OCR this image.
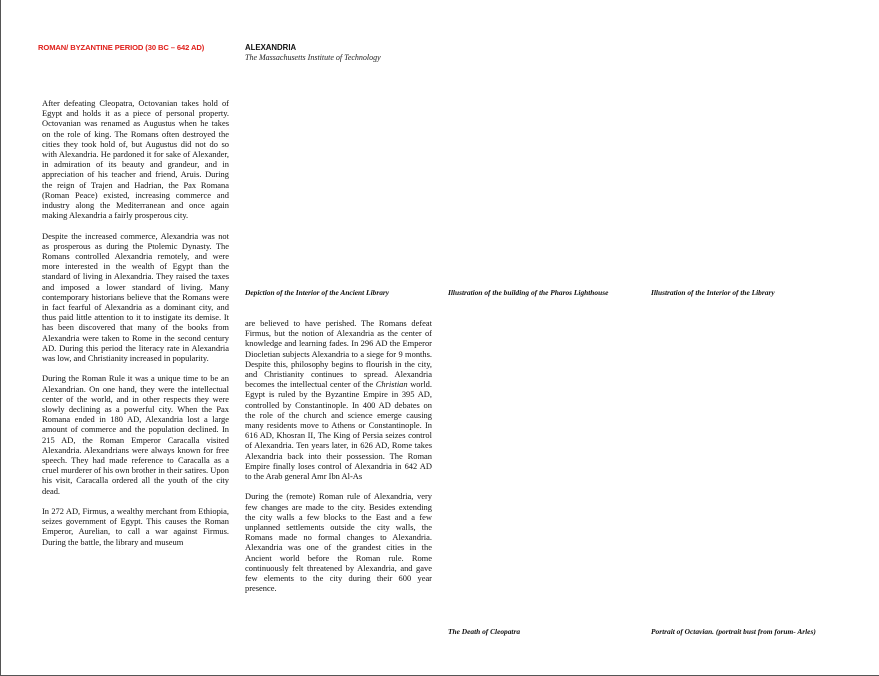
ROMAN/ BYZANTINE PERIOD (30 BC – 642 AD)	ALEXANDRIA
The Massachusetts Institute of Technology

After defeating Cleopatra, Octovanian takes hold of Egypt and holds it as a piece of personal property. Octovanian was renamed as Augustus when he takes on the role of king. The Romans often destroyed the cities they took hold of, but Augustus did not do so with Alexandria. He pardoned it for sake of Alexander, in admiration of its beauty and grandeur, and in appreciation of his teacher and friend, Aruis. During the reign of Trajen and Hadrian, the Pax Romana (Roman Peace) existed, increasing commerce and industry along the Mediterranean and once again making Alexandria a fairly prosperous city.

Despite the increased commerce, Alexandria was not as prosperous as during the Ptolemic Dynasty. The Romans controlled Alexandria remotely, and were more interested in the wealth of Egypt than the standard of living in Alexandria. They raised the taxes and imposed a lower standard of living. Many contemporary historians believe that the Romans were in fact fearful of Alexandria as a dominant city, and thus paid little attention to it to instigate its demise. It has been discovered that many of the books from Alexandria were taken to Rome in the second century AD. During this period the literacy rate in Alexandria was low, and Christianity increased in popularity.

During the Roman Rule it was a unique time to be an Alexandrian. On one hand, they were the intellectual center of the world, and in other respects they were slowly declining as a powerful city. When the Pax Romana ended in 180 AD, Alexandria lost a large amount of commerce and the population declined. In 215 AD, the Roman Emperor Caracalla visited Alexandria. Alexandrians were always known for free speech. They had made reference to Caracalla as a cruel murderer of his own brother in their satires. Upon his visit, Caracalla ordered all the youth of the city dead.

In 272 AD, Firmus, a wealthy merchant from Ethiopia, seizes government of Egypt. This causes the Roman Emperor, Aurelian, to call a war against Firmus. During the battle, the library and museum

are believed to have perished. The Romans defeat Firmus, but the notion of Alexandria as the center of knowledge and learning fades. In 296 AD the Emperor Diocletian subjects Alexandria to a siege for 9 months. Despite this, philosophy begins to flourish in the city, and Christianity continues to spread. Alexandria becomes the intellectual center of the Christian world. Egypt is ruled by the Byzantine Empire in 395 AD, controlled by Constantinople. In 400 AD debates on the role of the church and science emerge causing many residents move to Athens or Constantinople. In 616 AD, Khosran II, The King of Persia seizes control of Alexandria. Ten years later, in 626 AD, Rome takes Alexandria back into their possession. The Roman Empire finally loses control of Alexandria in 642 AD to the Arab general Amr Ibn Al-As

During the (remote) Roman rule of Alexandria, very few changes are made to the city. Besides extending the city walls a few blocks to the East and a few unplanned settlements outside the city walls, the Romans made no formal changes to Alexandria. Alexandria was one of the grandest cities in the Ancient world before the Roman rule. Rome continuously felt threatened by Alexandria, and gave few elements to the city during their 600 year presence.

Depiction of the Interior of the Ancient Library	Illustration of the building of the Pharos Lighthouse	Illustration of the Interior of the Library
The Death of Cleopatra	Portrait of Octavian. (portrait bust from forum- Arles)
